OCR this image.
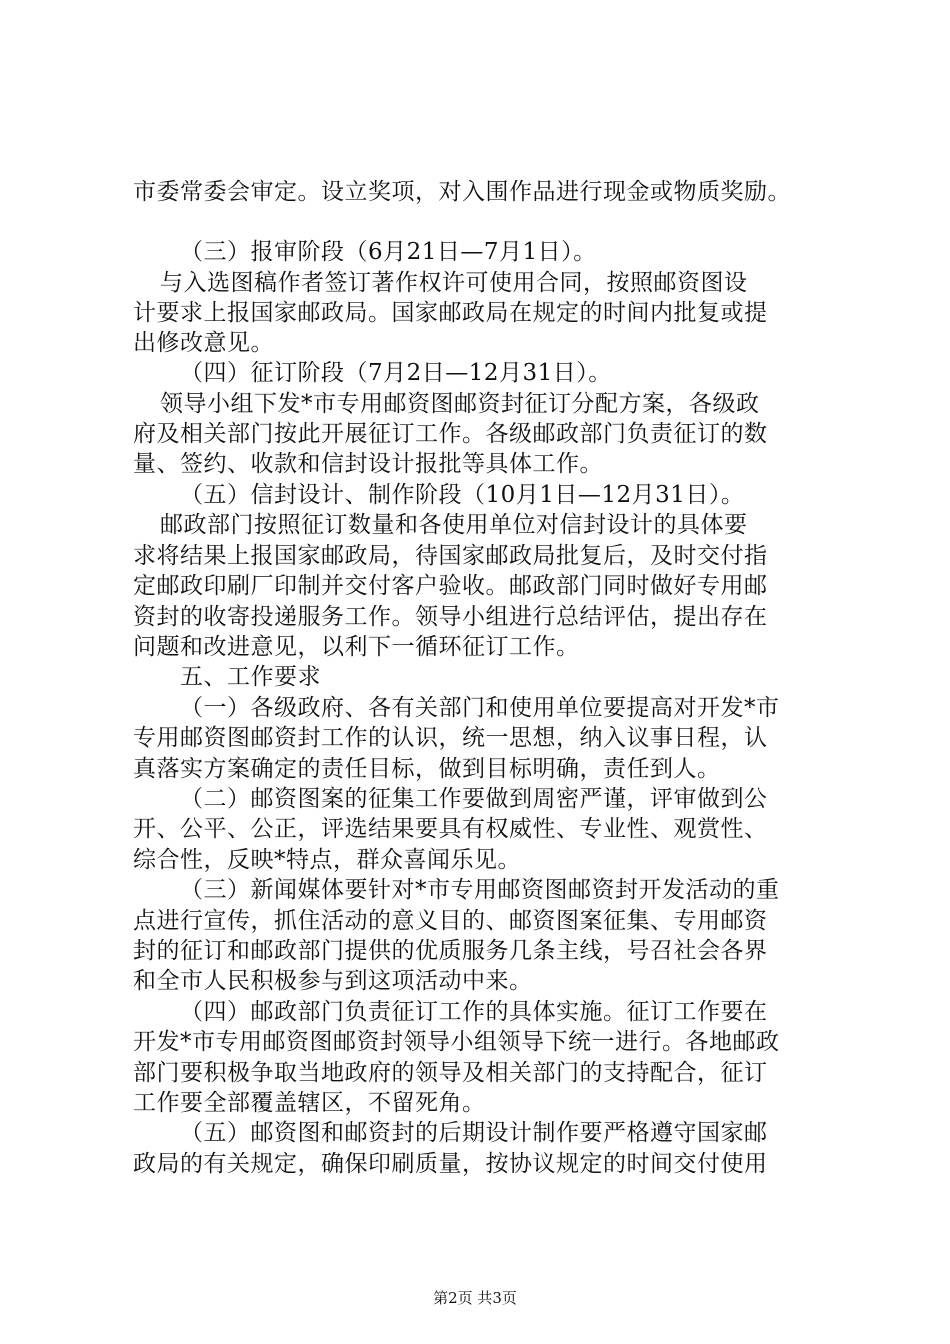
市委常委会审定。设立奖项，对入围作品进行现金或物质奖励。
（三）报审阶段（6月21日—7月1日）。
与入选图稿作者签订著作权许可使用合同，按照邮资图设
计要求上报国家邮政局。国家邮政局在规定的时间内批复或提
出修改意见。
（四）征订阶段（7月2日—12月31日）。
领导小组下发*市专用邮资图邮资封征订分配方案，各级政
府及相关部门按此开展征订工作。各级邮政部门负责征订的数
量、签约、收款和信封设计报批等具体工作。
（五）信封设计、制作阶段（10月1日—12月31日）。
邮政部门按照征订数量和各使用单位对信封设计的具体要
求将结果上报国家邮政局，待国家邮政局批复后，及时交付指
定邮政印刷厂印制并交付客户验收。邮政部门同时做好专用邮
资封的收寄投递服务工作。领导小组进行总结评估，提出存在
问题和改进意见，以利下一循环征订工作。
五、工作要求
（一）各级政府、各有关部门和使用单位要提高对开发*市
专用邮资图邮资封工作的认识，统一思想，纳入议事日程，认
真落实方案确定的责任目标，做到目标明确，责任到人。
（二）邮资图案的征集工作要做到周密严谨，评审做到公
开、公平、公正，评选结果要具有权威性、专业性、观赏性、
综合性，反映*特点，群众喜闻乐见。
（三）新闻媒体要针对*市专用邮资图邮资封开发活动的重
点进行宣传，抓住活动的意义目的、邮资图案征集、专用邮资
封的征订和邮政部门提供的优质服务几条主线，号召社会各界
和全市人民积极参与到这项活动中来。
（四）邮政部门负责征订工作的具体实施。征订工作要在
开发*市专用邮资图邮资封领导小组领导下统一进行。各地邮政
部门要积极争取当地政府的领导及相关部门的支持配合，征订
工作要全部覆盖辖区，不留死角。
（五）邮资图和邮资封的后期设计制作要严格遵守国家邮
政局的有关规定，确保印刷质量，按协议规定的时间交付使用
第2页 共3页
